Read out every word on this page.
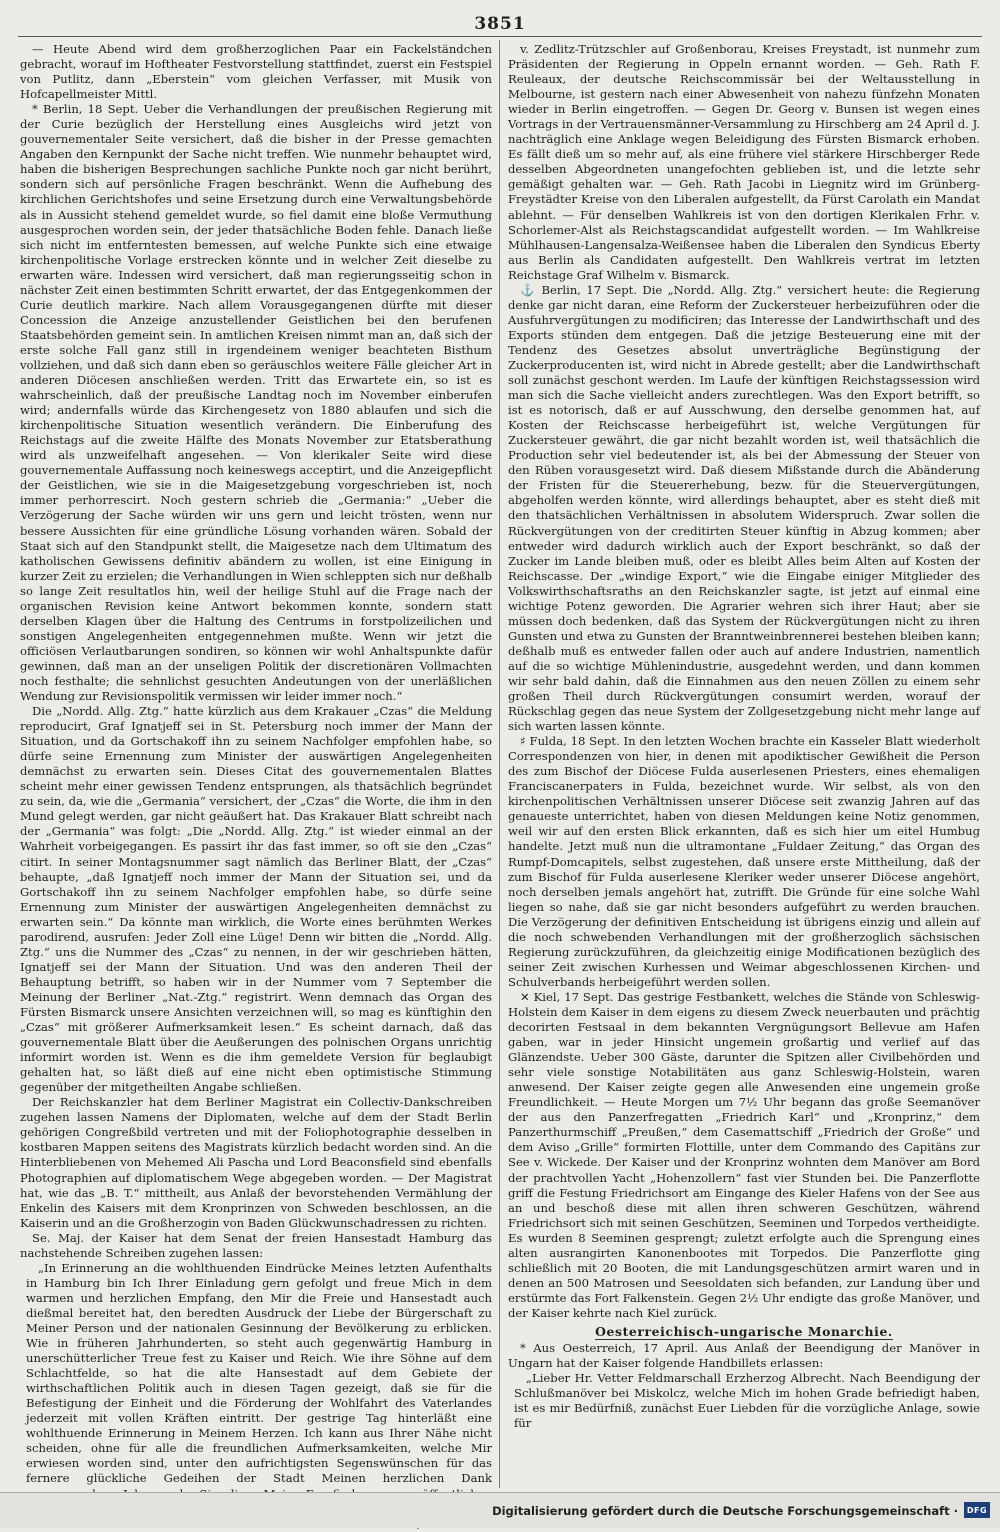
3851

— Heute Abend wird dem großherzoglichen Paar ein Fackelständchen gebracht, worauf im Hoftheater Festvorstellung stattfindet, zuerst ein Festspiel von Putlitz, dann „Eberstein“ vom gleichen Verfasser, mit Musik von Hofcapellmeister Mittl.

* Berlin, 18 Sept. Ueber die Verhandlungen der preußischen Regierung mit der Curie bezüglich der Herstellung eines Ausgleichs wird jetzt von gouvernementaler Seite versichert, daß die bisher in der Presse gemachten Angaben den Kernpunkt der Sache nicht treffen. Wie nunmehr behauptet wird, haben die bisherigen Besprechungen sachliche Punkte noch gar nicht berührt, sondern sich auf persönliche Fragen beschränkt. Wenn die Aufhebung des kirchlichen Gerichtshofes und seine Ersetzung durch eine Verwaltungsbehörde als in Aussicht stehend gemeldet wurde, so fiel damit eine bloße Vermuthung ausgesprochen worden sein, der jeder thatsächliche Boden fehle. Danach ließe sich nicht im entferntesten bemessen, auf welche Punkte sich eine etwaige kirchenpolitische Vorlage erstrecken könnte und in welcher Zeit dieselbe zu erwarten wäre. Indessen wird versichert, daß man regierungsseitig schon in nächster Zeit einen bestimmten Schritt erwartet, der das Entgegenkommen der Curie deutlich markire. Nach allem Vorausgegangenen dürfte mit dieser Concession die Anzeige anzustellender Geistlichen bei den berufenen Staatsbehörden gemeint sein. In amtlichen Kreisen nimmt man an, daß sich der erste solche Fall ganz still in irgendeinem weniger beachteten Bisthum vollziehen, und daß sich dann eben so geräuschlos weitere Fälle gleicher Art in anderen Diöcesen anschließen werden. Tritt das Erwartete ein, so ist es wahrscheinlich, daß der preußische Landtag noch im November einberufen wird; andernfalls würde das Kirchengesetz von 1880 ablaufen und sich die kirchenpolitische Situation wesentlich verändern. Die Einberufung des Reichstags auf die zweite Hälfte des Monats November zur Etatsberathung wird als unzweifelhaft angesehen. — Von klerikaler Seite wird diese gouvernementale Auffassung noch keineswegs acceptirt, und die Anzeigepflicht der Geistlichen, wie sie in die Maigesetzgebung vorgeschrieben ist, noch immer perhorrescirt. Noch gestern schrieb die „Germania:“ „Ueber die Verzögerung der Sache würden wir uns gern und leicht trösten, wenn nur bessere Aussichten für eine gründliche Lösung vorhanden wären. Sobald der Staat sich auf den Standpunkt stellt, die Maigesetze nach dem Ultimatum des katholischen Gewissens definitiv abändern zu wollen, ist eine Einigung in kurzer Zeit zu erzielen; die Verhandlungen in Wien schleppten sich nur deßhalb so lange Zeit resultatlos hin, weil der heilige Stuhl auf die Frage nach der organischen Revision keine Antwort bekommen konnte, sondern statt derselben Klagen über die Haltung des Centrums in forstpolizeilichen und sonstigen Angelegenheiten entgegennehmen mußte. Wenn wir jetzt die officiösen Verlautbarungen sondiren, so können wir wohl Anhaltspunkte dafür gewinnen, daß man an der unseligen Politik der discretionären Vollmachten noch festhalte; die sehnlichst gesuchten Andeutungen von der unerläßlichen Wendung zur Revisionspolitik vermissen wir leider immer noch.“

Die „Nordd. Allg. Ztg.“ hatte kürzlich aus dem Krakauer „Czas“ die Meldung reproducirt, Graf Ignatjeff sei in St. Petersburg noch immer der Mann der Situation, und da Gortschakoff ihn zu seinem Nachfolger empfohlen habe, so dürfe seine Ernennung zum Minister der auswärtigen Angelegenheiten demnächst zu erwarten sein. Dieses Citat des gouvernementalen Blattes scheint mehr einer gewissen Tendenz entsprungen, als thatsächlich begründet zu sein, da, wie die „Germania“ versichert, der „Czas“ die Worte, die ihm in den Mund gelegt werden, gar nicht geäußert hat. Das Krakauer Blatt schreibt nach der „Germania“ was folgt: „Die „Nordd. Allg. Ztg.“ ist wieder einmal an der Wahrheit vorbeigegangen. Es passirt ihr das fast immer, so oft sie den „Czas“ citirt. In seiner Montagsnummer sagt nämlich das Berliner Blatt, der „Czas“ behaupte, „daß Ignatjeff noch immer der Mann der Situation sei, und da Gortschakoff ihn zu seinem Nachfolger empfohlen habe, so dürfe seine Ernennung zum Minister der auswärtigen Angelegenheiten demnächst zu erwarten sein.“ Da könnte man wirklich, die Worte eines berühmten Werkes parodirend, ausrufen: Jeder Zoll eine Lüge! Denn wir bitten die „Nordd. Allg. Ztg.“ uns die Nummer des „Czas“ zu nennen, in der wir geschrieben hätten, Ignatjeff sei der Mann der Situation. Und was den anderen Theil der Behauptung betrifft, so haben wir in der Nummer vom 7 September die Meinung der Berliner „Nat.-Ztg.“ registrirt. Wenn demnach das Organ des Fürsten Bismarck unsere Ansichten verzeichnen will, so mag es künftighin den „Czas“ mit größerer Aufmerksamkeit lesen.“ Es scheint darnach, daß das gouvernementale Blatt über die Aeußerungen des polnischen Organs unrichtig informirt worden ist. Wenn es die ihm gemeldete Version für beglaubigt gehalten hat, so läßt dieß auf eine nicht eben optimistische Stimmung gegenüber der mitgetheilten Angabe schließen.

Der Reichskanzler hat dem Berliner Magistrat ein Collectiv-Dankschreiben zugehen lassen Namens der Diplomaten, welche auf dem der Stadt Berlin gehörigen Congreßbild vertreten und mit der Foliophotographie desselben in kostbaren Mappen seitens des Magistrats kürzlich bedacht worden sind. An die Hinterbliebenen von Mehemed Ali Pascha und Lord Beaconsfield sind ebenfalls Photographien auf diplomatischem Wege abgegeben worden. — Der Magistrat hat, wie das „B. T.“ mittheilt, aus Anlaß der bevorstehenden Vermählung der Enkelin des Kaisers mit dem Kronprinzen von Schweden beschlossen, an die Kaiserin und an die Großherzogin von Baden Glückwunschadressen zu richten.

Se. Maj. der Kaiser hat dem Senat der freien Hansestadt Hamburg das nachstehende Schreiben zugehen lassen:

„In Erinnerung an die wohlthuenden Eindrücke Meines letzten Aufenthalts in Hamburg bin Ich Ihrer Einladung gern gefolgt und freue Mich in dem warmen und herzlichen Empfang, den Mir die Freie und Hansestadt auch dießmal bereitet hat, den beredten Ausdruck der Liebe der Bürgerschaft zu Meiner Person und der nationalen Gesinnung der Bevölkerung zu erblicken. Wie in früheren Jahrhunderten, so steht auch gegenwärtig Hamburg in unerschütterlicher Treue fest zu Kaiser und Reich. Wie ihre Söhne auf dem Schlachtfelde, so hat die alte Hansestadt auf dem Gebiete der wirthschaftlichen Politik auch in diesen Tagen gezeigt, daß sie für die Befestigung der Einheit und die Förderung der Wohlfahrt des Vaterlandes jederzeit mit vollen Kräften eintritt. Der gestrige Tag hinterläßt eine wohlthuende Erinnerung in Meinem Herzen. Ich kann aus Ihrer Nähe nicht scheiden, ohne für alle die freundlichen Aufmerksamkeiten, welche Mir erwiesen worden sind, unter den aufrichtigsten Segenswünschen für das fernere glückliche Gedeihen der Stadt Meinen herzlichen Dank

v. Zedlitz-Trützschler auf Großenborau, Kreises Freystadt, ist nunmehr zum Präsidenten der Regierung in Oppeln ernannt worden. — Geh. Rath F. Reuleaux, der deutsche Reichscommissär bei der Weltausstellung in Melbourne, ist gestern nach einer Abwesenheit von nahezu fünfzehn Monaten wieder in Berlin eingetroffen. — Gegen Dr. Georg v. Bunsen ist wegen eines Vortrags in der Vertrauensmänner-Versammlung zu Hirschberg am 24 April d. J. nachträglich eine Anklage wegen Beleidigung des Fürsten Bismarck erhoben. Es fällt dieß um so mehr auf, als eine frühere viel stärkere Hirschberger Rede desselben Abgeordneten unangefochten geblieben ist, und die letzte sehr gemäßigt gehalten war. — Geh. Rath Jacobi in Liegnitz wird im Grünberg-Freystädter Kreise von den Liberalen aufgestellt, da Fürst Carolath ein Mandat ablehnt. — Für denselben Wahlkreis ist von den dortigen Klerikalen Frhr. v. Schorlemer-Alst als Reichstagscandidat aufgestellt worden. — Im Wahlkreise Mühlhausen-Langensalza-Weißensee haben die Liberalen den Syndicus Eberty aus Berlin als Candidaten aufgestellt. Den Wahlkreis vertrat im letzten Reichstage Graf Wilhelm v. Bismarck.

⚓ Berlin, 17 Sept. Die „Nordd. Allg. Ztg.“ versichert heute: die Regierung denke gar nicht daran, eine Reform der Zuckersteuer herbeizuführen oder die Ausfuhrvergütungen zu modificiren; das Interesse der Landwirthschaft und des Exports stünden dem entgegen. Daß die jetzige Besteuerung eine mit der Tendenz des Gesetzes absolut unverträgliche Begünstigung der Zuckerproducenten ist, wird nicht in Abrede gestellt; aber die Landwirthschaft soll zunächst geschont werden. Im Laufe der künftigen Reichstagssession wird man sich die Sache vielleicht anders zurechtlegen. Was den Export betrifft, so ist es notorisch, daß er auf Ausschwung, den derselbe genommen hat, auf Kosten der Reichscasse herbeigeführt ist, welche Vergütungen für Zuckersteuer gewährt, die gar nicht bezahlt worden ist, weil thatsächlich die Production sehr viel bedeutender ist, als bei der Abmessung der Steuer von den Rüben vorausgesetzt wird. Daß diesem Mißstande durch die Abänderung der Fristen für die Steuererhebung, bezw. für die Steuervergütungen, abgeholfen werden könnte, wird allerdings behauptet, aber es steht dieß mit den thatsächlichen Verhältnissen in absolutem Widerspruch. Zwar sollen die Rückvergütungen von der creditirten Steuer künftig in Abzug kommen; aber entweder wird dadurch wirklich auch der Export beschränkt, so daß der Zucker im Lande bleiben muß, oder es bleibt Alles beim Alten auf Kosten der Reichscasse. Der „windige Export,“ wie die Eingabe einiger Mitglieder des Volkswirthschaftsraths an den Reichskanzler sagte, ist jetzt auf einmal eine wichtige Potenz geworden. Die Agrarier wehren sich ihrer Haut; aber sie müssen doch bedenken, daß das System der Rückvergütungen nicht zu ihren Gunsten und etwa zu Gunsten der Branntweinbrennerei bestehen bleiben kann; deßhalb muß es entweder fallen oder auch auf andere Industrien, namentlich auf die so wichtige Mühlenindustrie, ausgedehnt werden, und dann kommen wir sehr bald dahin, daß die Einnahmen aus den neuen Zöllen zu einem sehr großen Theil durch Rückvergütungen consumirt werden, worauf der Rückschlag gegen das neue System der Zollgesetzgebung nicht mehr lange auf sich warten lassen könnte.

♯ Fulda, 18 Sept. In den letzten Wochen brachte ein Kasseler Blatt wiederholt Correspondenzen von hier, in denen mit apodiktischer Gewißheit die Person des zum Bischof der Diöcese Fulda auserlesenen Priesters, eines ehemaligen Franciscanerpaters in Fulda, bezeichnet wurde. Wir selbst, als von den kirchenpolitischen Verhältnissen unserer Diöcese seit zwanzig Jahren auf das genaueste unterrichtet, haben von diesen Meldungen keine Notiz genommen, weil wir auf den ersten Blick erkannten, daß es sich hier um eitel Humbug handelte. Jetzt muß nun die ultramontane „Fuldaer Zeitung,“ das Organ des Rumpf-Domcapitels, selbst zugestehen, daß unsere erste Mittheilung, daß der zum Bischof für Fulda auserlesene Kleriker weder unserer Diöcese angehört, noch derselben jemals angehört hat, zutrifft. Die Gründe für eine solche Wahl liegen so nahe, daß sie gar nicht besonders aufgeführt zu werden brauchen. Die Verzögerung der definitiven Entscheidung ist übrigens einzig und allein auf die noch schwebenden Verhandlungen mit der großherzoglich sächsischen Regierung zurückzuführen, da gleichzeitig einige Modificationen bezüglich des seiner Zeit zwischen Kurhessen und Weimar abgeschlossenen Kirchen- und Schulverbands herbeigeführt werden sollen.

✕ Kiel, 17 Sept. Das gestrige Festbankett, welches die Stände von Schleswig-Holstein dem Kaiser in dem eigens zu diesem Zweck neuerbauten und prächtig decorirten Festsaal in dem bekannten Vergnügungsort Bellevue am Hafen gaben, war in jeder Hinsicht ungemein großartig und verlief auf das Glänzendste. Ueber 300 Gäste, darunter die Spitzen aller Civilbehörden und sehr viele sonstige Notabilitäten aus ganz Schleswig-Holstein, waren anwesend. Der Kaiser zeigte gegen alle Anwesenden eine ungemein große Freundlichkeit. — Heute Morgen um 7½ Uhr begann das große Seemanöver der aus den Panzerfregatten „Friedrich Karl“ und „Kronprinz,“ dem Panzerthurmschiff „Preußen,“ dem Casemattschiff „Friedrich der Große“ und dem Aviso „Grille“ formirten Flottille, unter dem Commando des Capitäns zur See v. Wickede. Der Kaiser und der Kronprinz wohnten dem Manöver am Bord der prachtvollen Yacht „Hohenzollern“ fast vier Stunden bei. Die Panzerflotte griff die Festung Friedrichsort am Eingange des Kieler Hafens von der See aus an und beschoß diese mit allen ihren schweren Geschützen, während Friedrichsort sich mit seinen Geschützen, Seeminen und Torpedos vertheidigte. Es wurden 8 Seeminen gesprengt; zuletzt erfolgte auch die Sprengung eines alten ausrangirten Kanonenbootes mit Torpedos. Die Panzerflotte ging schließlich mit 20 Booten, die mit Landungsgeschützen armirt waren und in denen an 500 Matrosen und Seesoldaten sich befanden, zur Landung über und erstürmte das Fort Falkenstein. Gegen 2½ Uhr endigte das große Manöver, und der Kaiser kehrte nach Kiel zurück.

Oesterreichisch-ungarische Monarchie.

* Aus Oesterreich, 17 April. Aus Anlaß der Beendigung der Manöver in Ungarn hat der Kaiser folgende Handbillets erlassen:

„Lieber Hr. Vetter Feldmarschall Erzherzog Albrecht. Nach Beendigung der Schlußmanöver bei Miskolcz, welche Mich im hohen Grade befriedigt haben, ist es mir Bedürfniß, zunächst Euer Liebden für die vorzügliche Anlage, sowie für

Digitalisierung gefördert durch die Deutsche Forschungsgemeinschaft ·	DFG
